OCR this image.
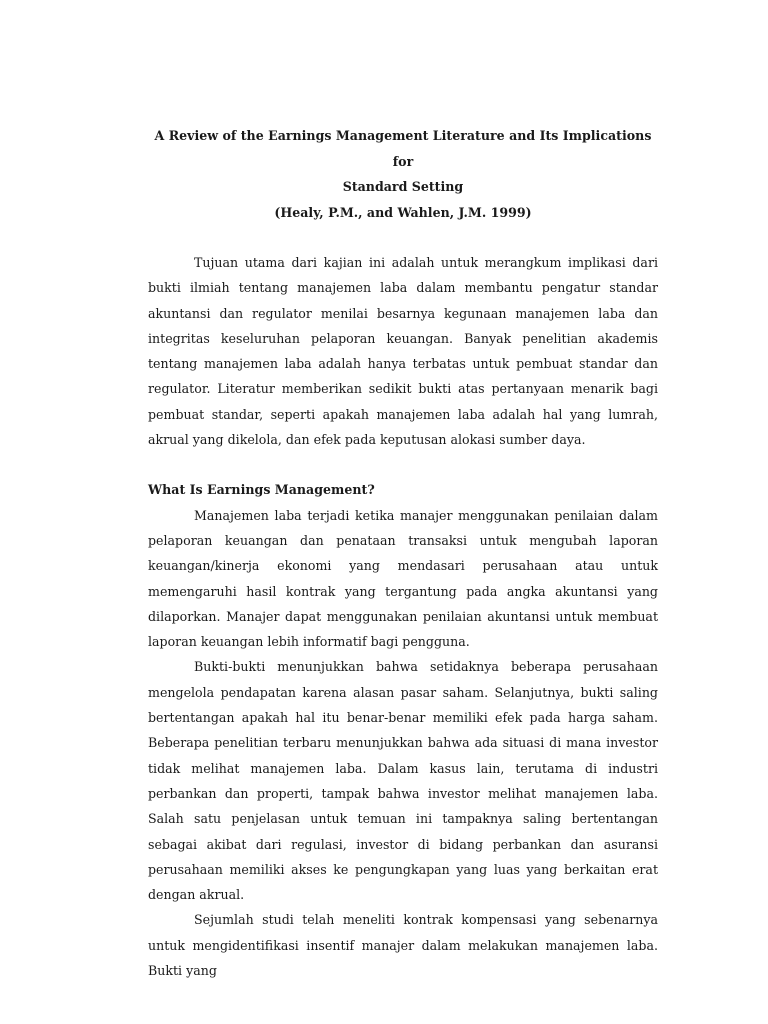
A Review of the Earnings Management Literature and Its Implications for
Standard Setting
(Healy, P.M., and Wahlen, J.M. 1999)

Tujuan utama dari kajian ini adalah untuk merangkum implikasi dari bukti ilmiah tentang manajemen laba dalam membantu pengatur standar akuntansi dan regulator menilai besarnya kegunaan manajemen laba dan integritas keseluruhan pelaporan keuangan. Banyak penelitian akademis tentang manajemen laba adalah hanya terbatas untuk pembuat standar dan regulator. Literatur memberikan sedikit bukti atas pertanyaan menarik bagi pembuat standar, seperti apakah manajemen laba adalah hal yang lumrah, akrual yang dikelola, dan efek pada keputusan alokasi sumber daya.

What Is Earnings Management?

Manajemen laba terjadi ketika manajer menggunakan penilaian dalam pelaporan keuangan dan penataan transaksi untuk mengubah laporan keuangan/kinerja ekonomi yang mendasari perusahaan atau untuk memengaruhi hasil kontrak yang tergantung pada angka akuntansi yang dilaporkan. Manajer dapat menggunakan penilaian akuntansi untuk membuat laporan keuangan lebih informatif bagi pengguna.

Bukti-bukti menunjukkan bahwa setidaknya beberapa perusahaan mengelola pendapatan karena alasan pasar saham. Selanjutnya, bukti saling bertentangan apakah hal itu benar-benar memiliki efek pada harga saham. Beberapa penelitian terbaru menunjukkan bahwa ada situasi di mana investor tidak melihat manajemen laba. Dalam kasus lain, terutama di industri perbankan dan properti, tampak bahwa investor melihat manajemen laba. Salah satu penjelasan untuk temuan ini tampaknya saling bertentangan sebagai akibat dari regulasi, investor di bidang perbankan dan asuransi perusahaan memiliki akses ke pengungkapan yang luas yang berkaitan erat dengan akrual.

Sejumlah studi telah meneliti kontrak kompensasi yang sebenarnya untuk mengidentifikasi insentif manajer dalam melakukan manajemen laba. Bukti yang
